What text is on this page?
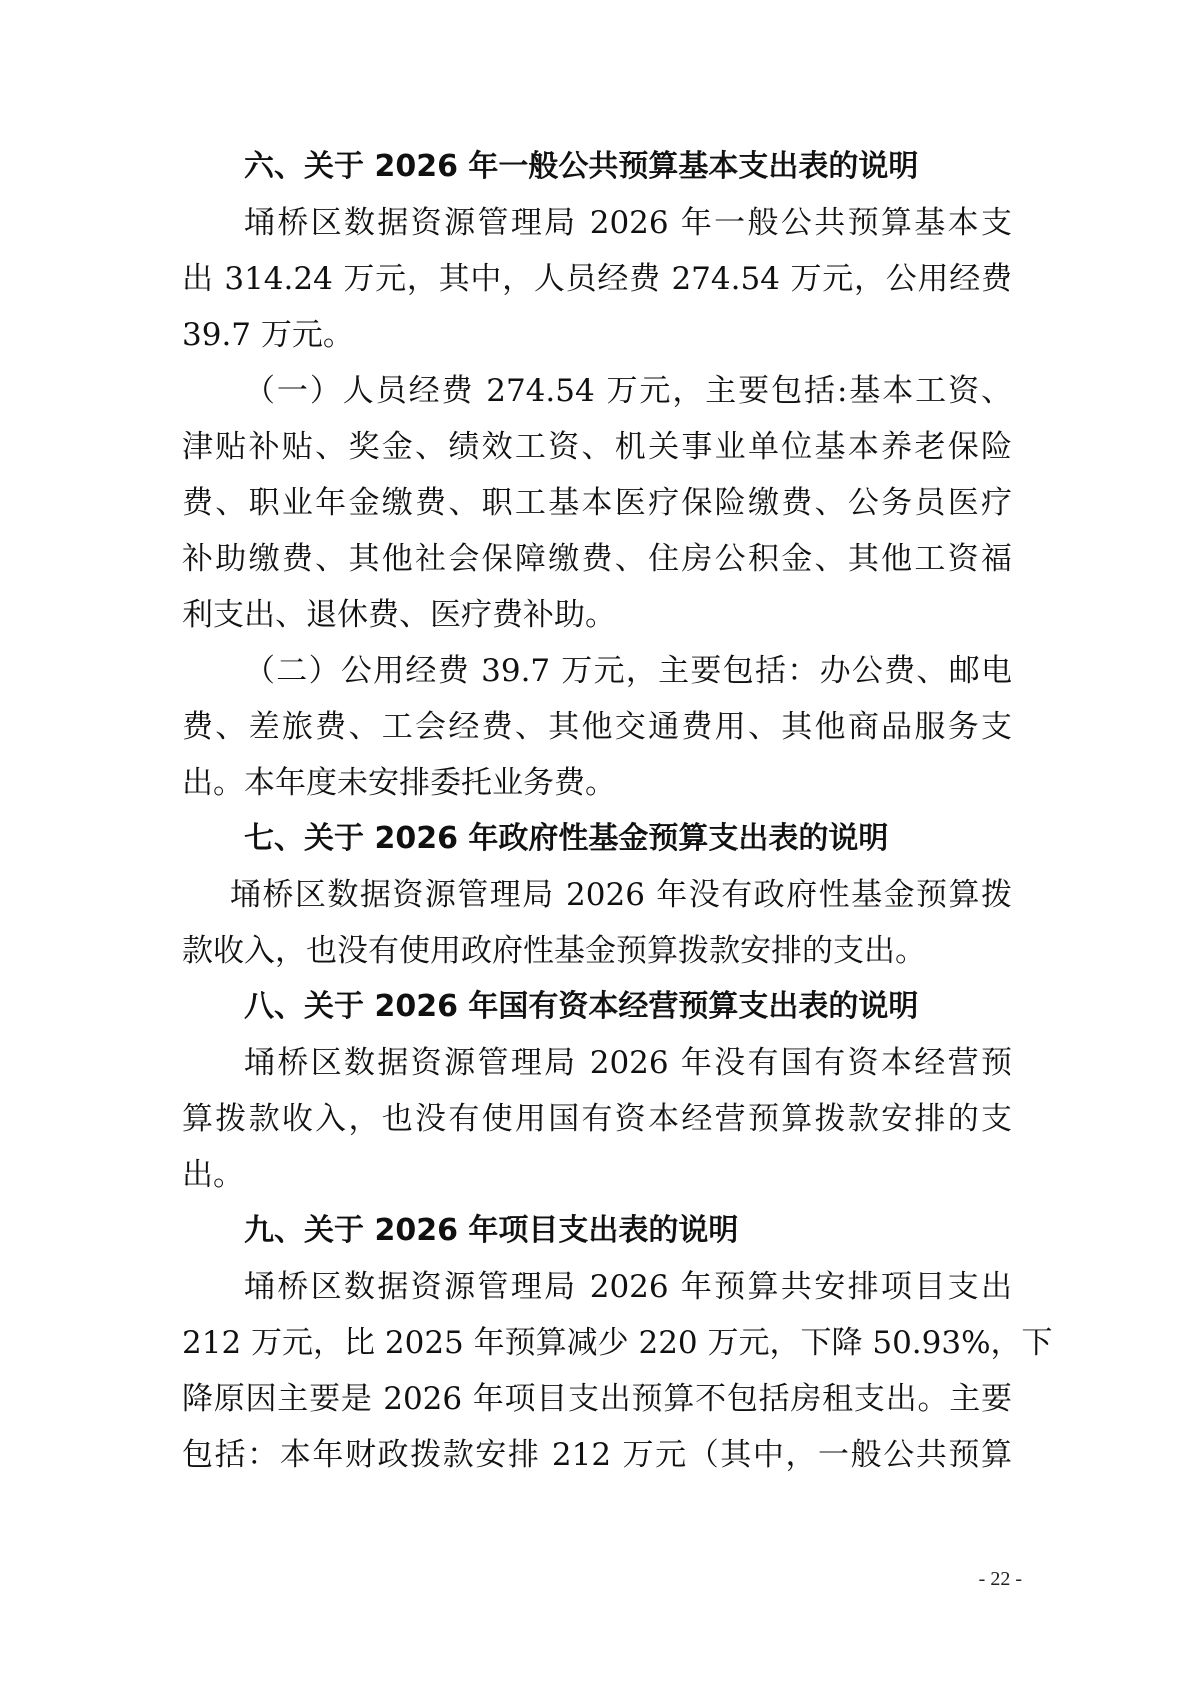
六、关于 2026 年一般公共预算基本支出表的说明
埇桥区数据资源管理局 2026 年一般公共预算基本支
出 314.24 万元，其中，人员经费 274.54 万元，公用经费
39.7 万元。
（一）人员经费 274.54 万元，主要包括:基本工资、
津贴补贴、奖金、绩效工资、机关事业单位基本养老保险
费、职业年金缴费、职工基本医疗保险缴费、公务员医疗
补助缴费、其他社会保障缴费、住房公积金、其他工资福
利支出、退休费、医疗费补助。
（二）公用经费 39.7 万元，主要包括：办公费、邮电
费、差旅费、工会经费、其他交通费用、其他商品服务支
出。本年度未安排委托业务费。
七、关于 2026 年政府性基金预算支出表的说明
埇桥区数据资源管理局 2026 年没有政府性基金预算拨
款收入，也没有使用政府性基金预算拨款安排的支出。
八、关于 2026 年国有资本经营预算支出表的说明
埇桥区数据资源管理局 2026 年没有国有资本经营预
算拨款收入，也没有使用国有资本经营预算拨款安排的支
出。
九、关于 2026 年项目支出表的说明
埇桥区数据资源管理局 2026 年预算共安排项目支出
212 万元，比 2025 年预算减少 220 万元，下降 50.93%，下
降原因主要是 2026 年项目支出预算不包括房租支出。主要
包括：本年财政拨款安排 212 万元（其中，一般公共预算
- 22 -
